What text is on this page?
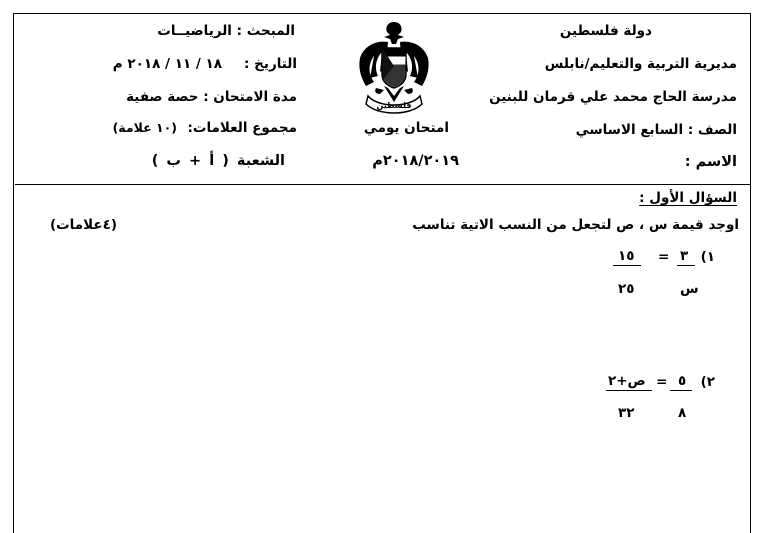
دولة فلسطين
مديرية التربية والتعليم/نابلس
مدرسة الحاج محمد علي قرمان للبنين
الصف : السابع الاساسي
الاسم :
فلسطين
امتحان يومي
٢٠١٨/٢٠١٩م
المبحث : الرياضيــات
التاريخ :
١٨ / ١١ / ٢٠١٨ م
مدة الامتحان : حصة صفية
مجموع العلامات:
(١٠ علامة)
الشعبة ( أ + ب )
السؤال الأول :
اوجد قيمة س ، ص لتجعل من النسب الاتية تناسب
(٤علامات)
١)
٣
س
=
١٥
٢٥
٢)
٥
٨
=
ص+٢
٣٢
